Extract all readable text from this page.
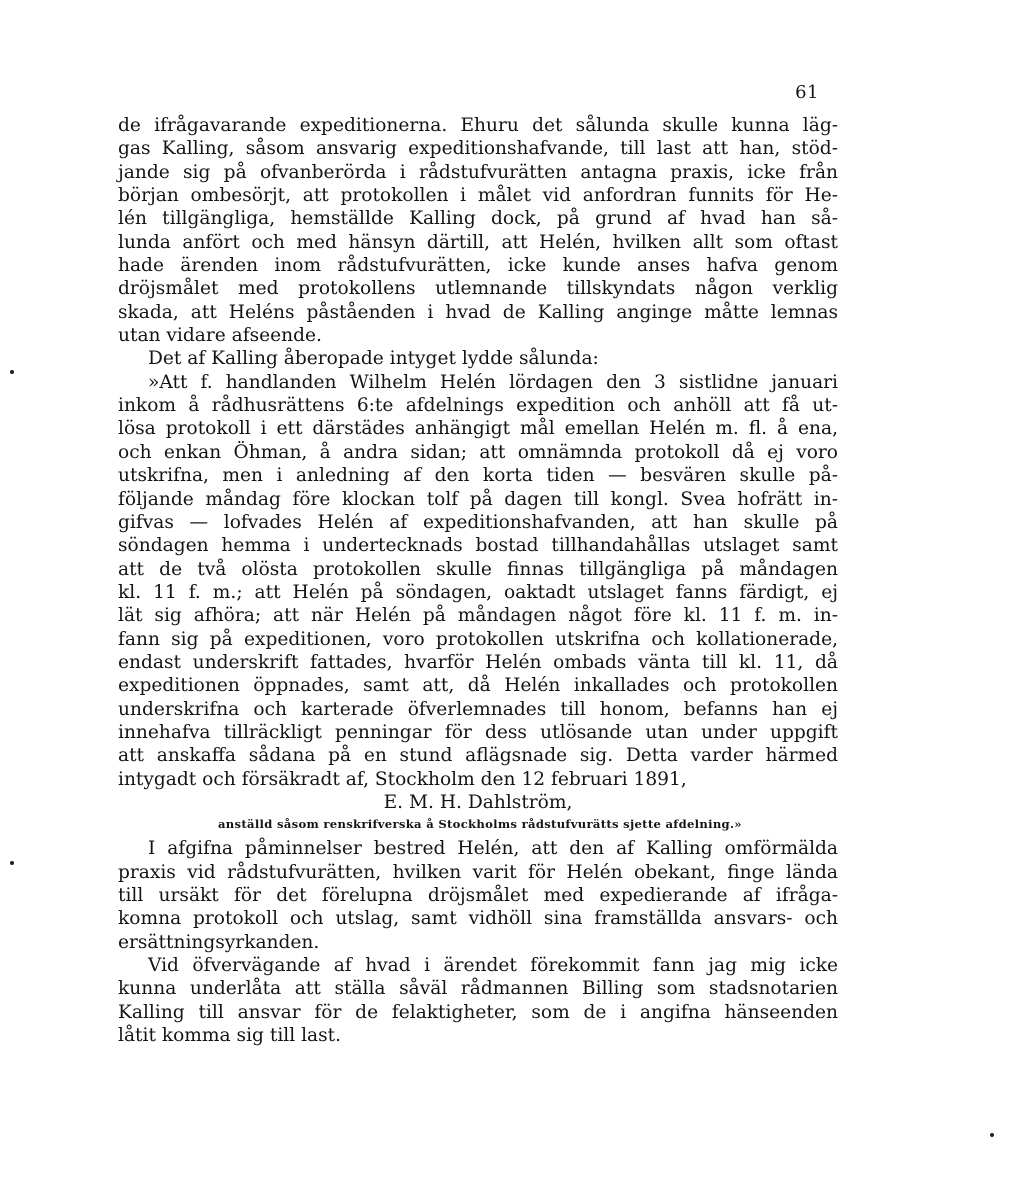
61
de ifrågavarande expeditionerna. Ehuru det sålunda skulle kunna läg-
gas Kalling, såsom ansvarig expeditionshafvande, till last att han, stöd-
jande sig på ofvanberörda i rådstufvurätten antagna praxis, icke från
början ombesörjt, att protokollen i målet vid anfordran funnits för He-
lén tillgängliga, hemställde Kalling dock, på grund af hvad han så-
lunda anfört och med hänsyn därtill, att Helén, hvilken allt som oftast
hade ärenden inom rådstufvurätten, icke kunde anses hafva genom
dröjsmålet med protokollens utlemnande tillskyndats någon verklig
skada, att Heléns påståenden i hvad de Kalling anginge måtte lemnas
utan vidare afseende.
Det af Kalling åberopade intyget lydde sålunda:
»Att f. handlanden Wilhelm Helén lördagen den 3 sistlidne januari
inkom å rådhusrättens 6:te afdelnings expedition och anhöll att få ut-
lösa protokoll i ett därstädes anhängigt mål emellan Helén m. fl. å ena,
och enkan Öhman, å andra sidan; att omnämnda protokoll då ej voro
utskrifna, men i anledning af den korta tiden — besvären skulle på-
följande måndag före klockan tolf på dagen till kongl. Svea hofrätt in-
gifvas — lofvades Helén af expeditionshafvanden, att han skulle på
söndagen hemma i undertecknads bostad tillhandahållas utslaget samt
att de två olösta protokollen skulle finnas tillgängliga på måndagen
kl. 11 f. m.; att Helén på söndagen, oaktadt utslaget fanns färdigt, ej
lät sig afhöra; att när Helén på måndagen något före kl. 11 f. m. in-
fann sig på expeditionen, voro protokollen utskrifna och kollationerade,
endast underskrift fattades, hvarför Helén ombads vänta till kl. 11, då
expeditionen öppnades, samt att, då Helén inkallades och protokollen
underskrifna och karterade öfverlemnades till honom, befanns han ej
innehafva tillräckligt penningar för dess utlösande utan under uppgift
att anskaffa sådana på en stund aflägsnade sig. Detta varder härmed
intygadt och försäkradt af, Stockholm den 12 februari 1891,
E. M. H. Dahlström,
anställd såsom renskrifverska å Stockholms rådstufvurätts sjette afdelning.»
I afgifna påminnelser bestred Helén, att den af Kalling omförmälda
praxis vid rådstufvurätten, hvilken varit för Helén obekant, finge lända
till ursäkt för det förelupna dröjsmålet med expedierande af ifråga-
komna protokoll och utslag, samt vidhöll sina framställda ansvars- och
ersättningsyrkanden.
Vid öfvervägande af hvad i ärendet förekommit fann jag mig icke
kunna underlåta att ställa såväl rådmannen Billing som stadsnotarien
Kalling till ansvar för de felaktigheter, som de i angifna hänseenden
låtit komma sig till last.
